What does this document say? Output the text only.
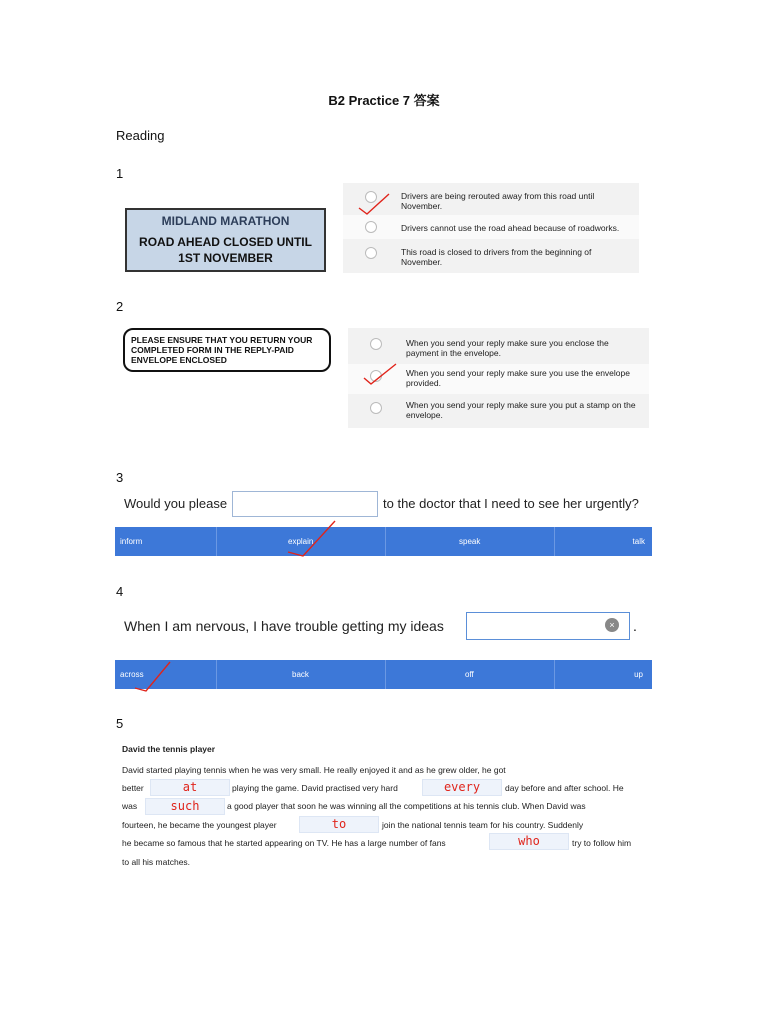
B2 Practice 7 答案
Reading
1
MIDLAND MARATHON
ROAD AHEAD CLOSED UNTIL
1ST NOVEMBER
Drivers are being rerouted away from this road until November.
Drivers cannot use the road ahead because of roadworks.
This road is closed to drivers from the beginning of November.
2
PLEASE ENSURE THAT YOU RETURN YOUR COMPLETED FORM IN THE REPLY-PAID ENVELOPE ENCLOSED
When you send your reply make sure you enclose the payment in the envelope.
When you send your reply make sure you use the envelope provided.
When you send your reply make sure you put a stamp on the envelope.
3
Would you please	to the doctor that I need to see her urgently?
inform	explain	speak	talk
4
When I am nervous, I have trouble getting my ideas	×	.
across	back	off	up
5
David the tennis player
David started playing tennis when he was very small. He really enjoyed it and as he grew older, he got
better	at	playing the game. David practised very hard	every	day before and after school. He
was	such	a good player that soon he was winning all the competitions at his tennis club. When David was
fourteen, he became the youngest player	to	join the national tennis team for his country. Suddenly
he became so famous that he started appearing on TV. He has a large number of fans	who	try to follow him
to all his matches.
